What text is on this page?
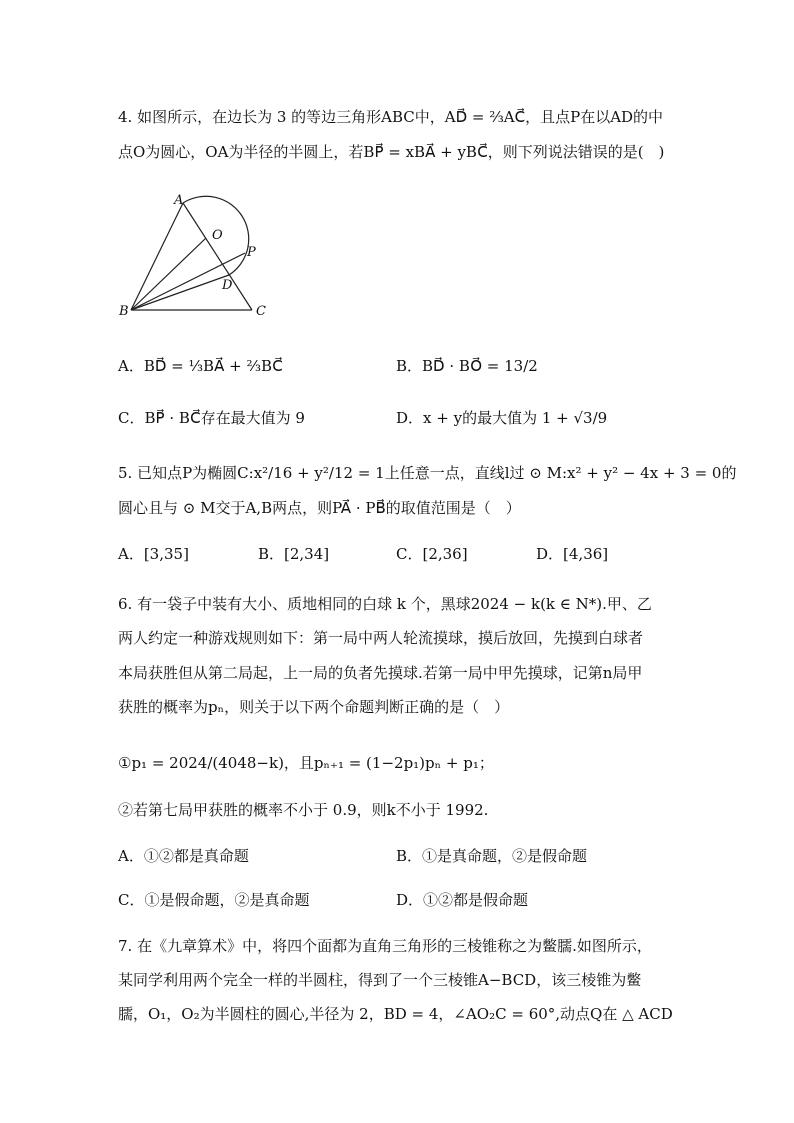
4. 如图所示，在边长为 3 的等边三角形ABC中，AD⃗ = ⅔AC⃗，且点P在以AD的中
点O为圆心，OA为半径的半圆上，若BP⃗ = xBA⃗ + yBC⃗，则下列说法错误的是(　)
A
O
P
D
B	C
A．BD⃗ = ⅓BA⃗ + ⅔BC⃗	B．BD⃗ · BO⃗ = 13/2
C．BP⃗ · BC⃗存在最大值为 9	D．x + y的最大值为 1 + √3/9
5. 已知点P为椭圆C:x²/16 + y²/12 = 1上任意一点，直线l过 ⊙ M:x² + y² − 4x + 3 = 0的
圆心且与 ⊙ M交于A,B两点，则PA⃗ · PB⃗的取值范围是（　）
A．[3,35]	B．[2,34]	C．[2,36]	D．[4,36]
6. 有一袋子中装有大小、质地相同的白球 k 个，黑球2024 − k(k ∈ N*).甲、乙
两人约定一种游戏规则如下：第一局中两人轮流摸球，摸后放回，先摸到白球者
本局获胜但从第二局起，上一局的负者先摸球.若第一局中甲先摸球，记第n局甲
获胜的概率为pₙ，则关于以下两个命题判断正确的是（　）
①p₁ = 2024/(4048−k)，且pₙ₊₁ = (1−2p₁)pₙ + p₁；
②若第七局甲获胜的概率不小于 0.9，则k不小于 1992.
A．①②都是真命题	B．①是真命题，②是假命题
C．①是假命题，②是真命题	D．①②都是假命题
7. 在《九章算术》中，将四个面都为直角三角形的三棱锥称之为鳖臑.如图所示，
某同学利用两个完全一样的半圆柱，得到了一个三棱锥A−BCD，该三棱锥为鳖
臑，O₁，O₂为半圆柱的圆心,半径为 2，BD = 4，∠AO₂C = 60°,动点Q在 △ ACD
